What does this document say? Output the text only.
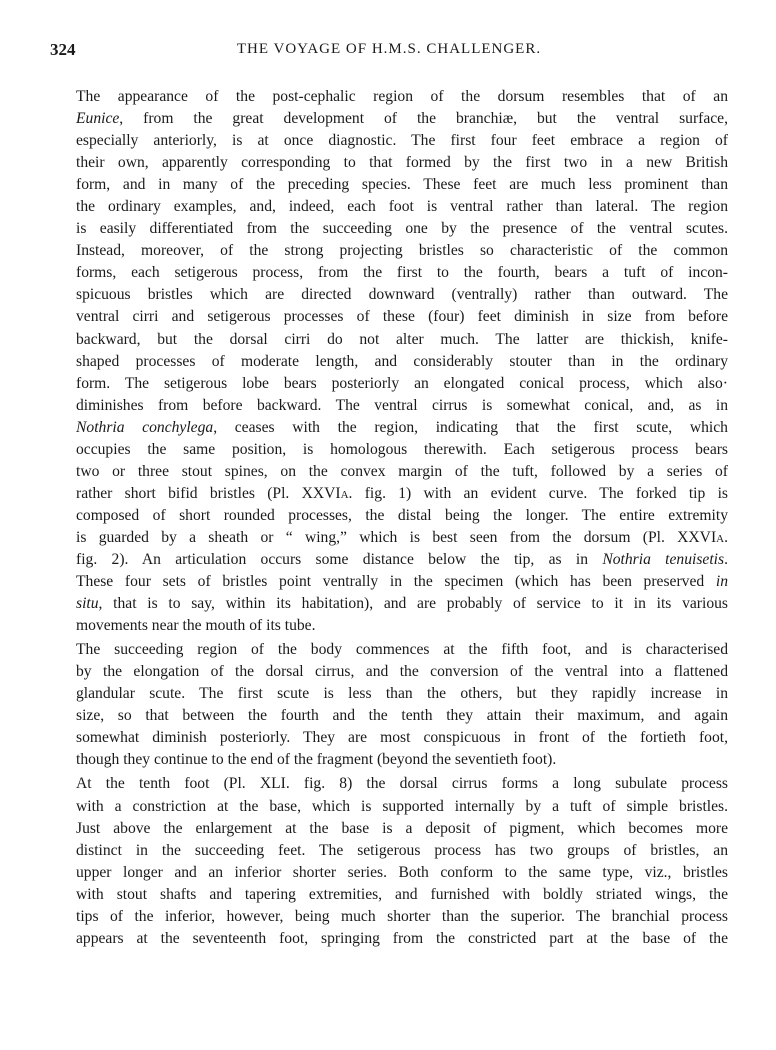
324	THE VOYAGE OF H.M.S. CHALLENGER.

The appearance of the post-cephalic region of the dorsum resembles that of an
Eunice, from the great development of the branchiæ, but the ventral surface,
especially anteriorly, is at once diagnostic. The first four feet embrace a region of
their own, apparently corresponding to that formed by the first two in a new British
form, and in many of the preceding species. These feet are much less prominent than
the ordinary examples, and, indeed, each foot is ventral rather than lateral. The region
is easily differentiated from the succeeding one by the presence of the ventral scutes.
Instead, moreover, of the strong projecting bristles so characteristic of the common
forms, each setigerous process, from the first to the fourth, bears a tuft of incon-
spicuous bristles which are directed downward (ventrally) rather than outward. The
ventral cirri and setigerous processes of these (four) feet diminish in size from before
backward, but the dorsal cirri do not alter much. The latter are thickish, knife-
shaped processes of moderate length, and considerably stouter than in the ordinary
form. The setigerous lobe bears posteriorly an elongated conical process, which also·
diminishes from before backward. The ventral cirrus is somewhat conical, and, as in
Nothria conchylega, ceases with the region, indicating that the first scute, which
occupies the same position, is homologous therewith. Each setigerous process bears
two or three stout spines, on the convex margin of the tuft, followed by a series of
rather short bifid bristles (Pl. XXVIa. fig. 1) with an evident curve. The forked tip is
composed of short rounded processes, the distal being the longer. The entire extremity
is guarded by a sheath or “ wing,” which is best seen from the dorsum (Pl. XXVIa.
fig. 2). An articulation occurs some distance below the tip, as in Nothria tenuisetis.
These four sets of bristles point ventrally in the specimen (which has been preserved in
situ, that is to say, within its habitation), and are probably of service to it in its various
movements near the mouth of its tube.

The succeeding region of the body commences at the fifth foot, and is characterised
by the elongation of the dorsal cirrus, and the conversion of the ventral into a flattened
glandular scute. The first scute is less than the others, but they rapidly increase in
size, so that between the fourth and the tenth they attain their maximum, and again
somewhat diminish posteriorly. They are most conspicuous in front of the fortieth foot,
though they continue to the end of the fragment (beyond the seventieth foot).

At the tenth foot (Pl. XLI. fig. 8) the dorsal cirrus forms a long subulate process
with a constriction at the base, which is supported internally by a tuft of simple bristles.
Just above the enlargement at the base is a deposit of pigment, which becomes more
distinct in the succeeding feet. The setigerous process has two groups of bristles, an
upper longer and an inferior shorter series. Both conform to the same type, viz., bristles
with stout shafts and tapering extremities, and furnished with boldly striated wings, the
tips of the inferior, however, being much shorter than the superior. The branchial process
appears at the seventeenth foot, springing from the constricted part at the base of the
